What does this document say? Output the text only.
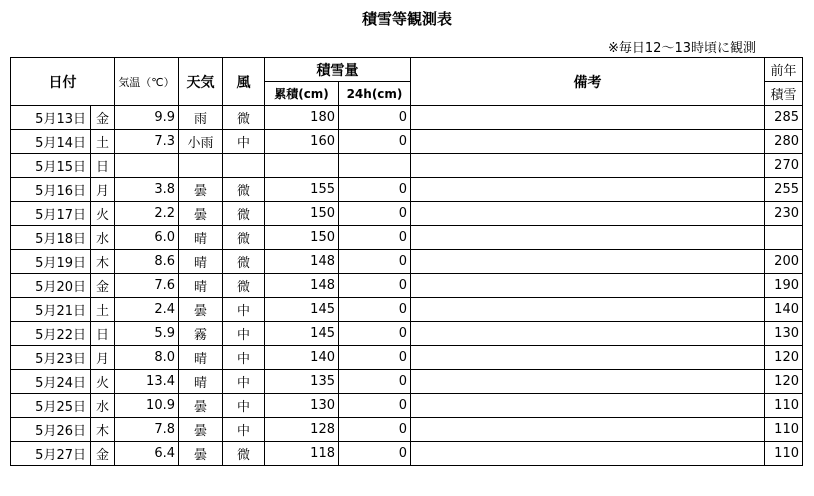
積雪等観測表
※毎日12～13時頃に観測
日付		気温（℃）	天気	風	積雪量		備考	前年
					累積(cm)	24h(cm)		積雪
5月13日	金	9.9	雨	微	180	0		285
5月14日	土	7.3	小雨	中	160	0		280
5月15日	日							270
5月16日	月	3.8	曇	微	155	0		255
5月17日	火	2.2	曇	微	150	0		230
5月18日	水	6.0	晴	微	150	0		
5月19日	木	8.6	晴	微	148	0		200
5月20日	金	7.6	晴	微	148	0		190
5月21日	土	2.4	曇	中	145	0		140
5月22日	日	5.9	霧	中	145	0		130
5月23日	月	8.0	晴	中	140	0		120
5月24日	火	13.4	晴	中	135	0		120
5月25日	水	10.9	曇	中	130	0		110
5月26日	木	7.8	曇	中	128	0		110
5月27日	金	6.4	曇	微	118	0		110
